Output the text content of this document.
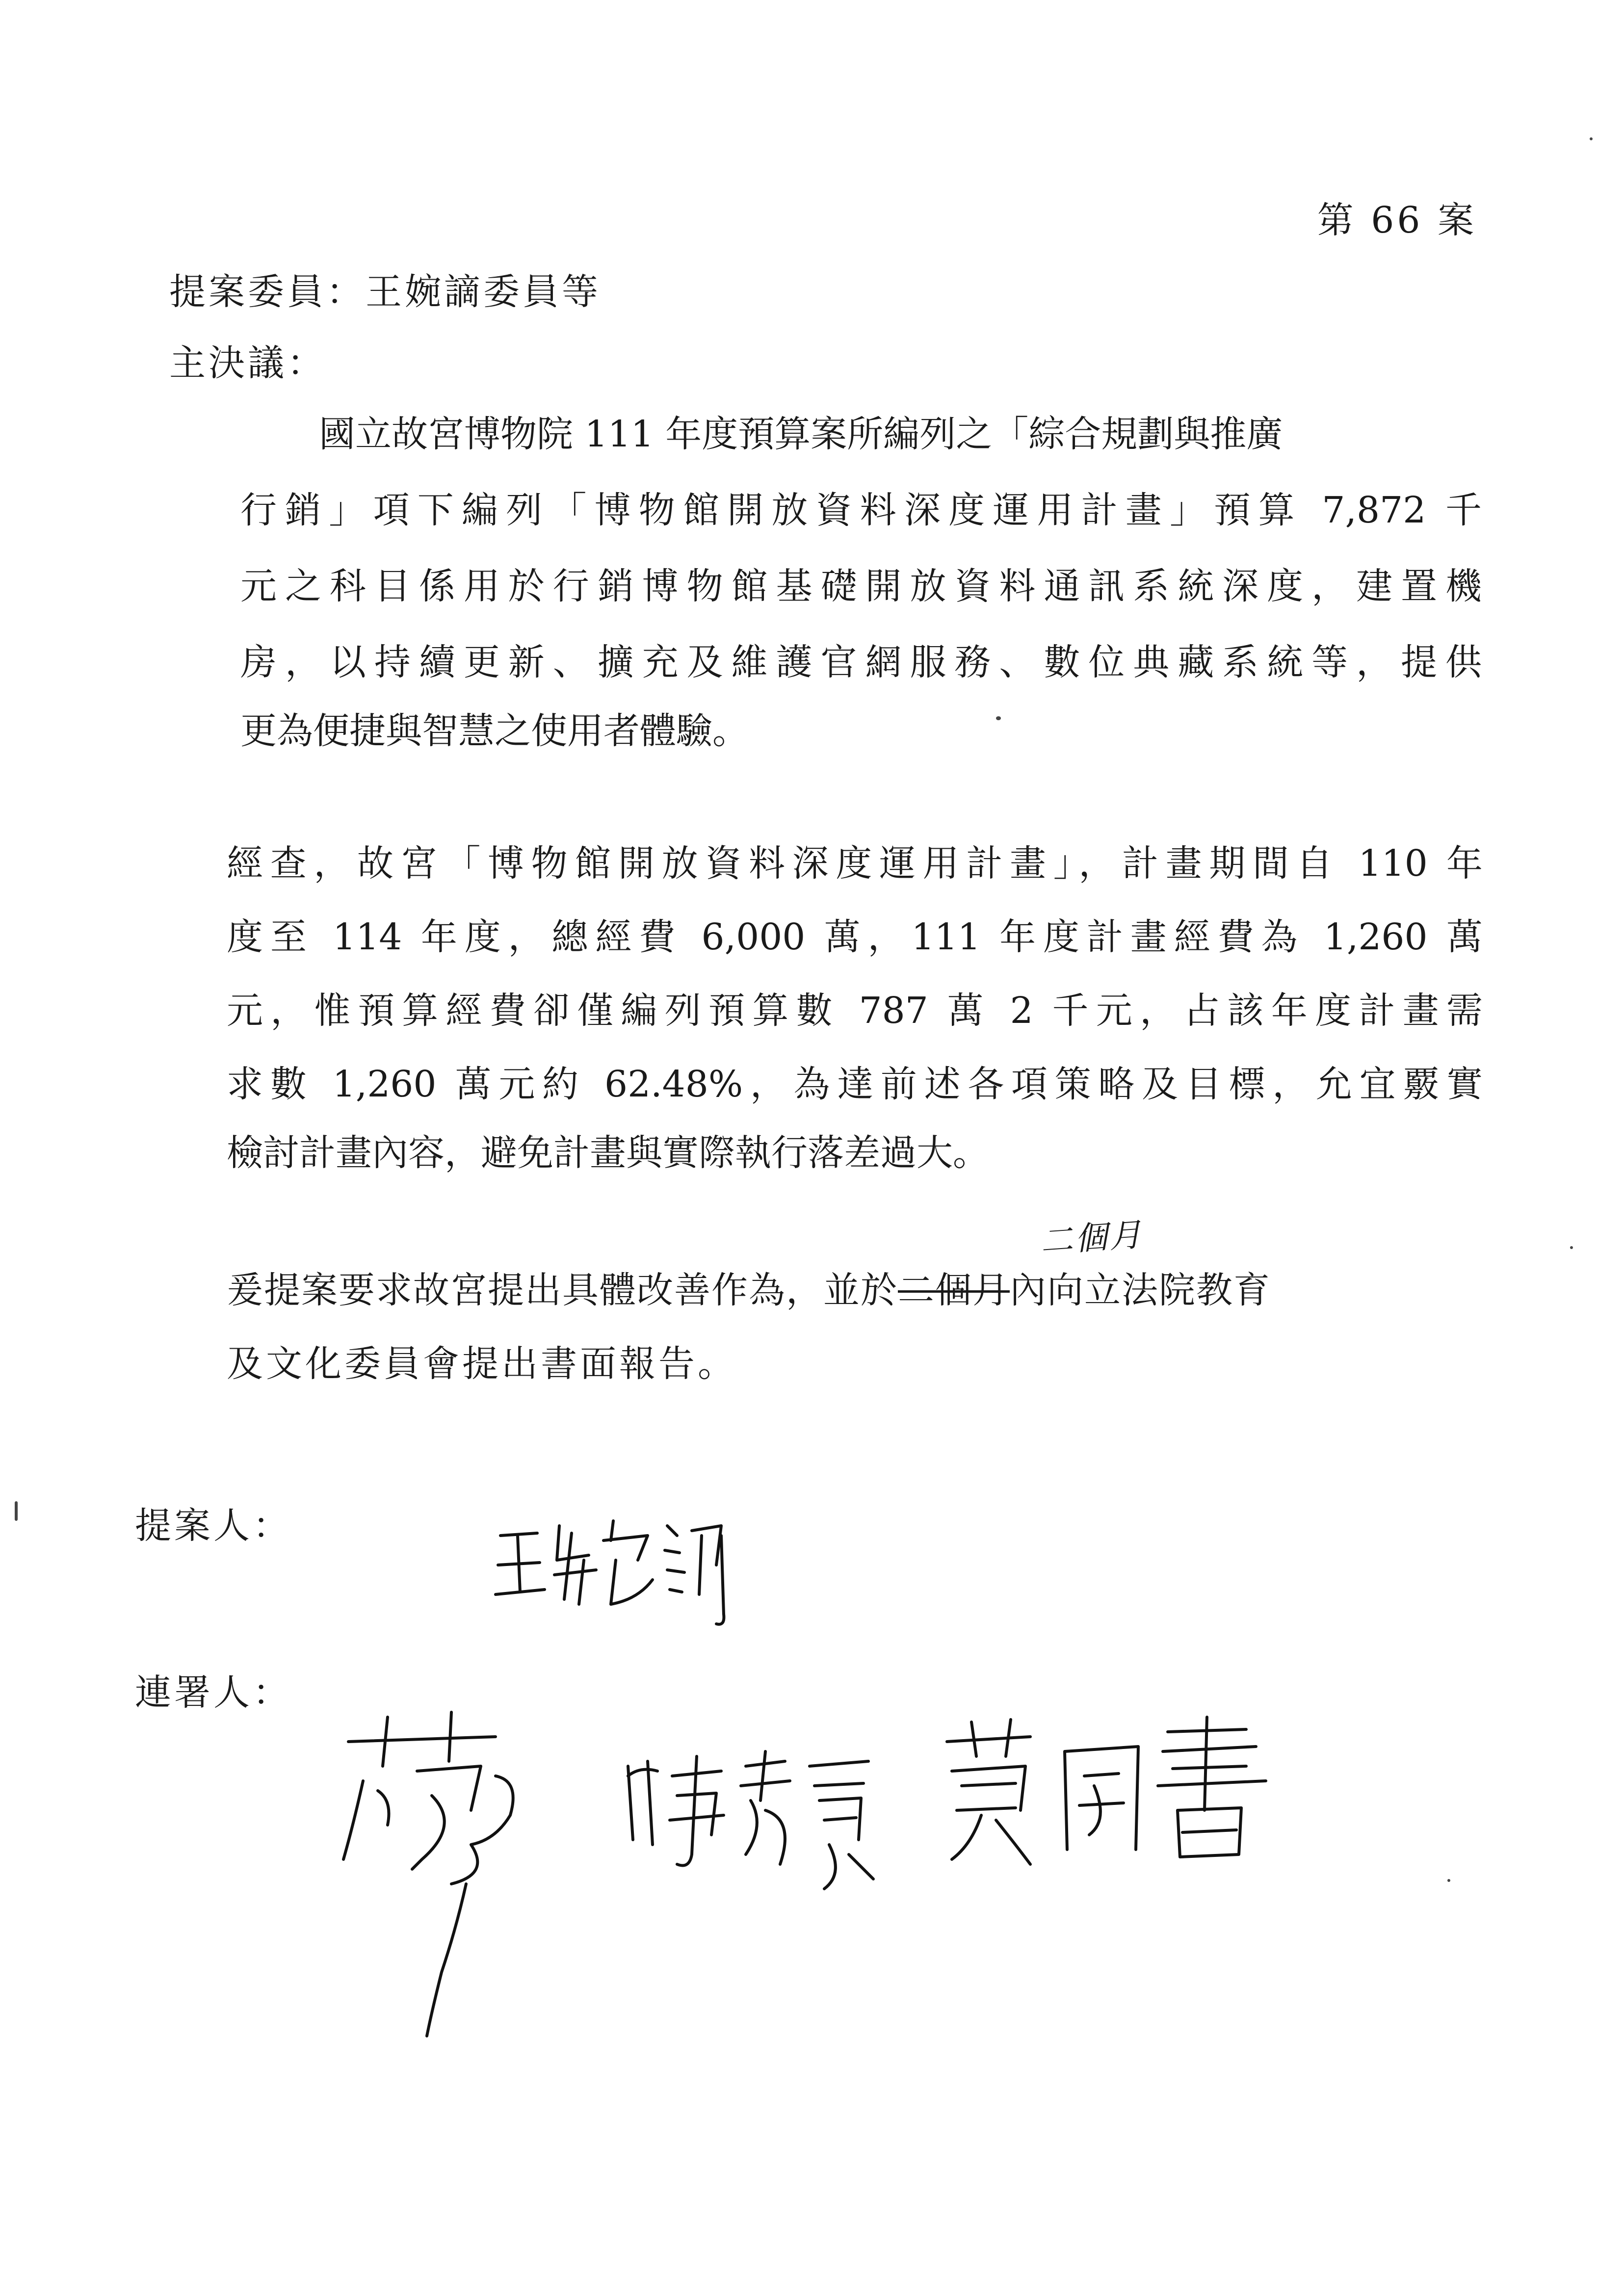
第 66 案
提案委員：王婉謫委員等
主決議：
國立故宮博物院 111 年度預算案所編列之「綜合規劃與推廣
行銷」項下編列「博物館開放資料深度運用計畫」預算 7,872 千
元之科目係用於行銷博物館基礎開放資料通訊系統深度，建置機
房，以持續更新、擴充及維護官網服務、數位典藏系統等，提供
更為便捷與智慧之使用者體驗。
經查，故宮「博物館開放資料深度運用計畫」，計畫期間自 110 年
度至 114 年度，總經費 6,000 萬，111 年度計畫經費為 1,260 萬
元，惟預算經費卻僅編列預算數 787 萬 2 千元，占該年度計畫需
求數 1,260 萬元約 62.48%，為達前述各項策略及目標，允宜覈實
檢討計畫內容，避免計畫與實際執行落差過大。
爰提案要求故宮提出具體改善作為，並於二個月內向立法院教育
二個月
及文化委員會提出書面報告。
提案人：
連署人：
